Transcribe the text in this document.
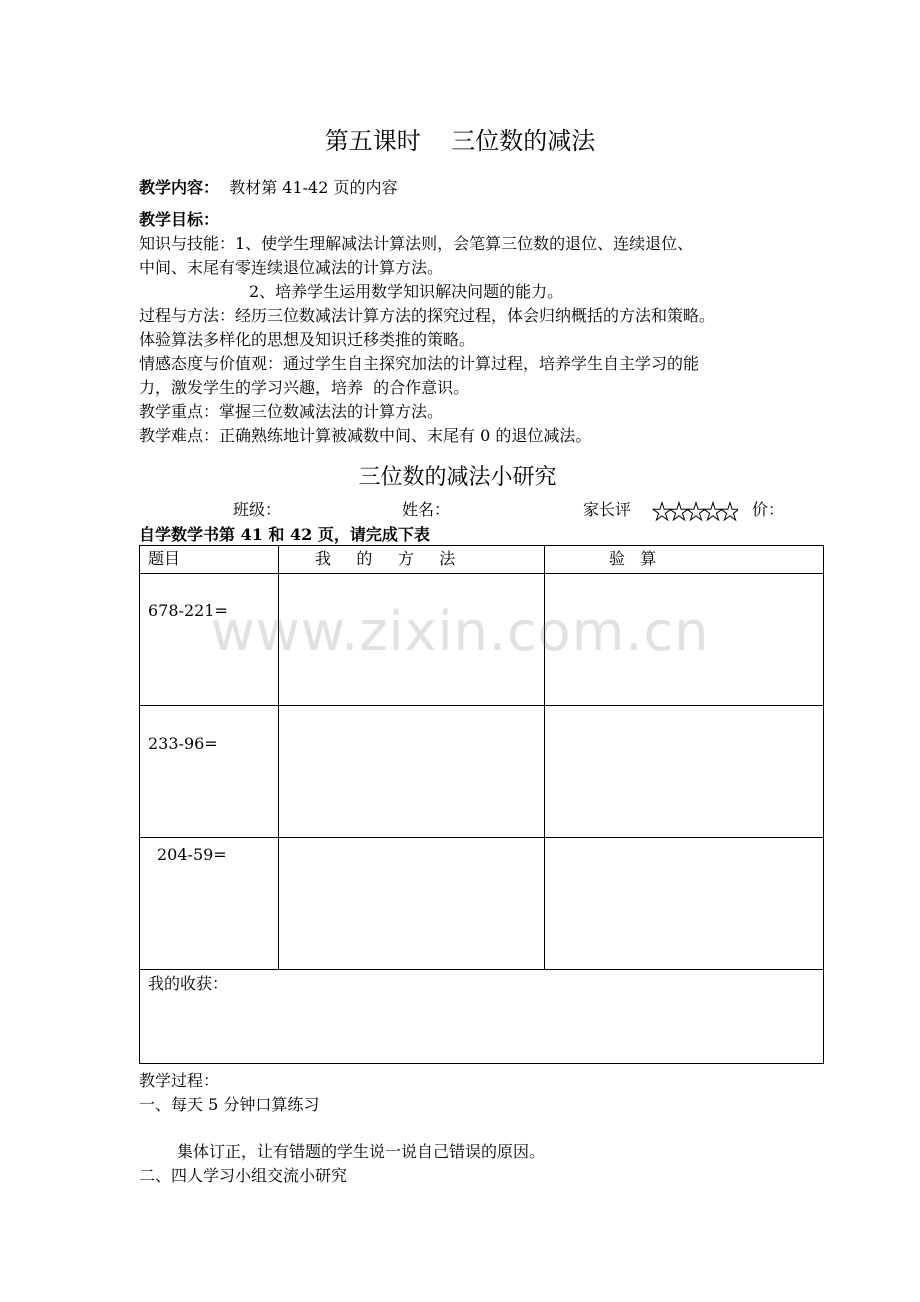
第五课时    三位数的减法
教学内容：  教材第 41-42 页的内容
教学目标：
知识与技能：1、使学生理解减法计算法则，会笔算三位数的退位、连续退位、
中间、末尾有零连续退位减法的计算方法。
2、培养学生运用数学知识解决问题的能力。
过程与方法：经历三位数减法计算方法的探究过程，体会归纳概括的方法和策略。
体验算法多样化的思想及知识迁移类推的策略。
情感态度与价值观：通过学生自主探究加法的计算过程，培养学生自主学习的能
力，激发学生的学习兴趣，培养  的合作意识。
教学重点：掌握三位数减法法的计算方法。
教学难点：正确熟练地计算被减数中间、末尾有 0 的退位减法。
三位数的减法小研究
班级：	姓名：	家长评	价：
自学数学书第 41 和 42 页，请完成下表
题目	我     的     方     法	验   算

678-221=		

233-96=		

204-59=		

我的收获：		
www.zixin.com.cn
教学过程：
一、每天 5 分钟口算练习
集体订正，让有错题的学生说一说自己错误的原因。
二、四人学习小组交流小研究
